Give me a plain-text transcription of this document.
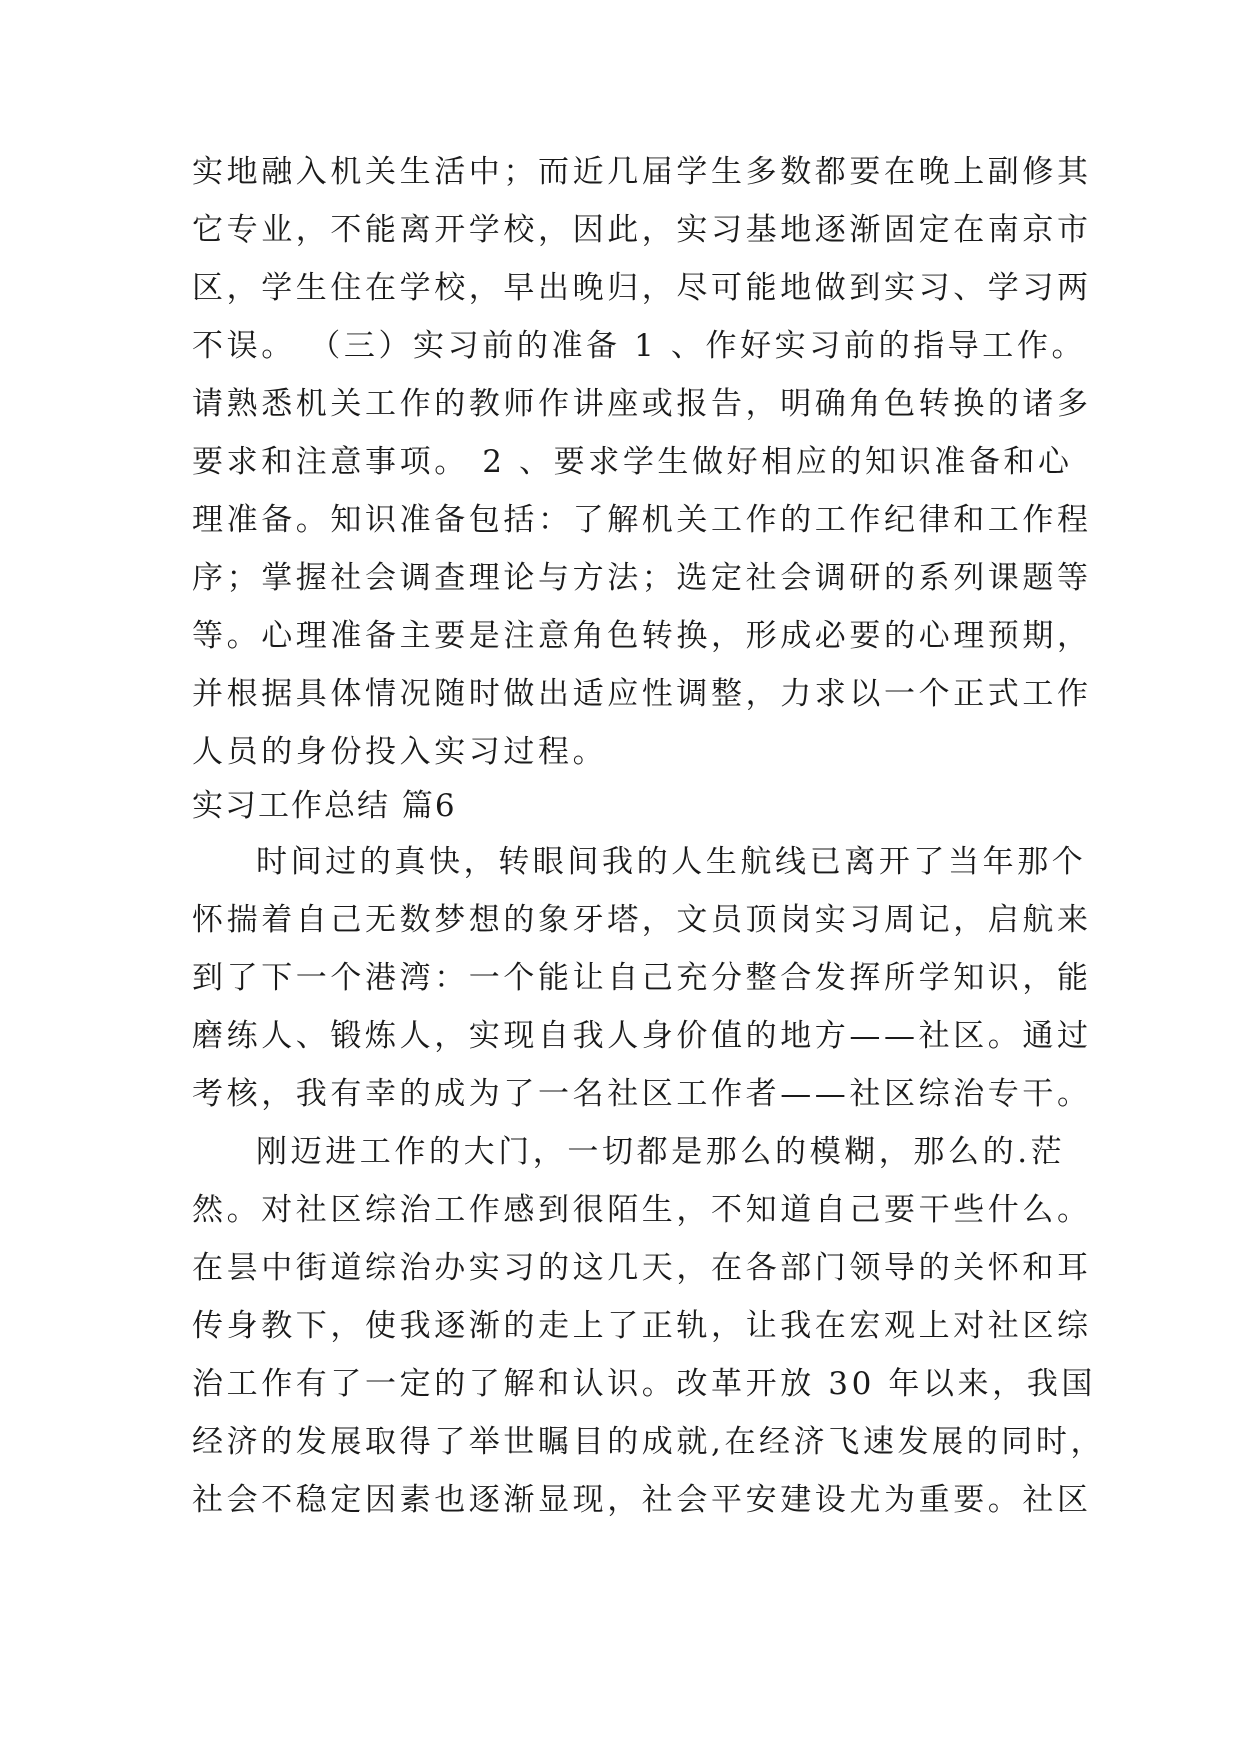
实地融入机关生活中；而近几届学生多数都要在晚上副修其
它专业，不能离开学校，因此，实习基地逐渐固定在南京市
区，学生住在学校，早出晚归，尽可能地做到实习、学习两
不误。 （三）实习前的准备 1 、作好实习前的指导工作。
请熟悉机关工作的教师作讲座或报告，明确角色转换的诸多
要求和注意事项。 2 、要求学生做好相应的知识准备和心
理准备。知识准备包括：了解机关工作的工作纪律和工作程
序；掌握社会调查理论与方法；选定社会调研的系列课题等
等。心理准备主要是注意角色转换，形成必要的心理预期，
并根据具体情况随时做出适应性调整，力求以一个正式工作
人员的身份投入实习过程。
实习工作总结 篇6
时间过的真快，转眼间我的人生航线已离开了当年那个
怀揣着自己无数梦想的象牙塔，文员顶岗实习周记，启航来
到了下一个港湾：一个能让自己充分整合发挥所学知识，能
磨练人、锻炼人，实现自我人身价值的地方——社区。通过
考核，我有幸的成为了一名社区工作者——社区综治专干。
刚迈进工作的大门，一切都是那么的模糊，那么的.茫
然。对社区综治工作感到很陌生，不知道自己要干些什么。
在昙中街道综治办实习的这几天，在各部门领导的关怀和耳
传身教下，使我逐渐的走上了正轨，让我在宏观上对社区综
治工作有了一定的了解和认识。改革开放 30 年以来，我国
经济的发展取得了举世瞩目的成就,在经济飞速发展的同时，
社会不稳定因素也逐渐显现，社会平安建设尤为重要。社区
